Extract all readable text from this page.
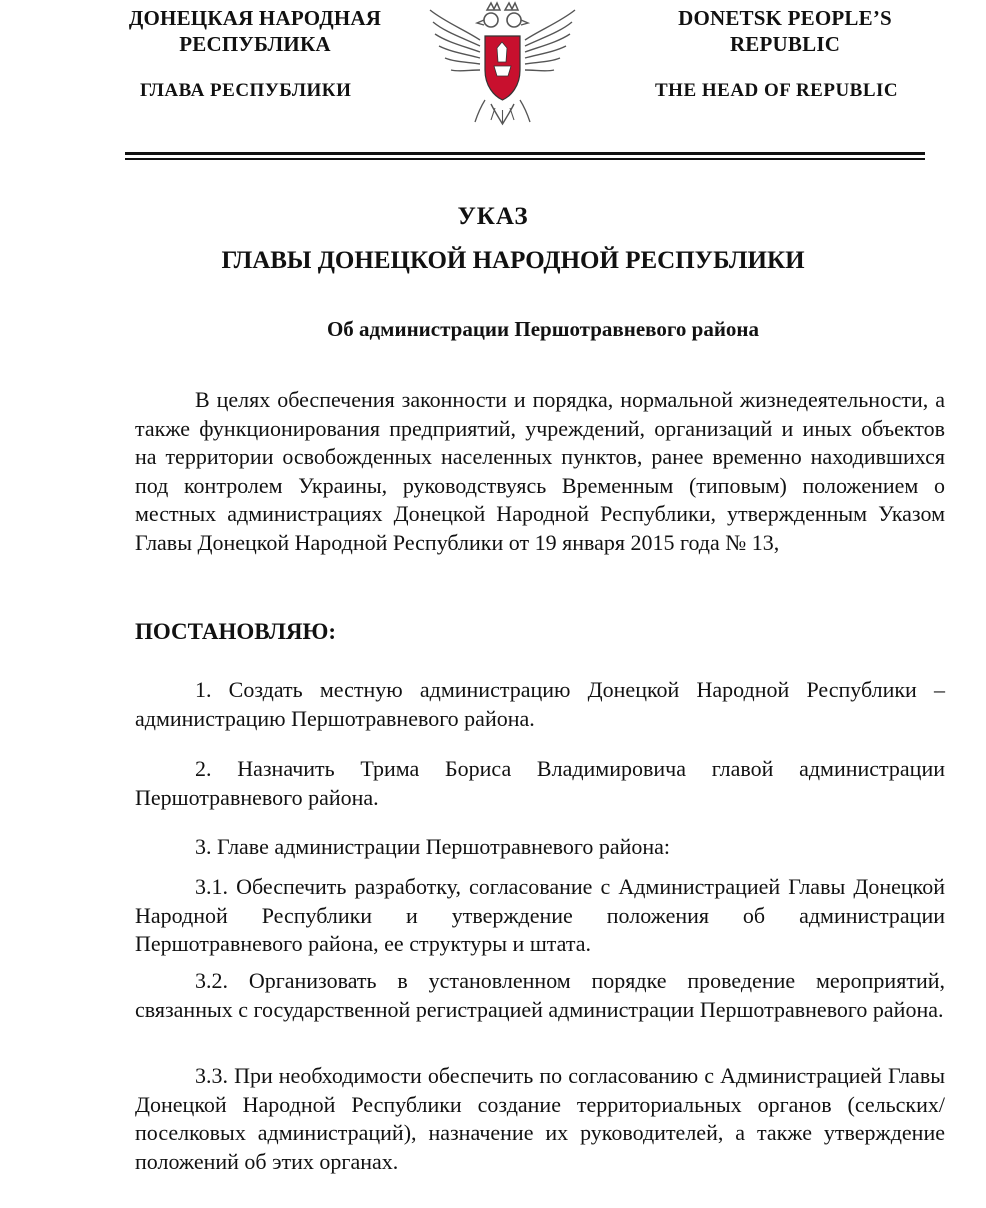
ДОНЕЦКАЯ НАРОДНАЯ
РЕСПУБЛИКА
ГЛАВА РЕСПУБЛИКИ
DONETSK PEOPLE’S
REPUBLIC
THE HEAD OF REPUBLIC
УКАЗ
ГЛАВЫ ДОНЕЦКОЙ НАРОДНОЙ РЕСПУБЛИКИ
Об администрации Першотравневого района
В целях обеспечения законности и порядка, нормальной жизнедеятельности, а также функционирования предприятий, учреждений, организаций и иных объектов на территории освобожденных населенных пунктов, ранее временно находившихся под контролем Украины, руководствуясь Временным (типовым) положением о местных администрациях Донецкой Народной Республики, утвержденным Указом Главы Донецкой Народной Республики от 19 января 2015 года № 13,
ПОСТАНОВЛЯЮ:
1. Создать местную администрацию Донецкой Народной Республики – администрацию Першотравневого района.
2. Назначить Трима Бориса Владимировича главой администрации Першотравневого района.
3. Главе администрации Першотравневого района:
3.1. Обеспечить разработку, согласование с Администрацией Главы Донецкой Народной Республики и утверждение положения об администрации Першотравневого района, ее структуры и штата.
3.2. Организовать в установленном порядке проведение мероприятий, связанных с государственной регистрацией администрации Першотравневого района.
3.3. При необходимости обеспечить по согласованию с Администрацией Главы Донецкой Народной Республики создание территориальных органов (сельских/поселковых администраций), назначение их руководителей, а также утверждение положений об этих органах.
